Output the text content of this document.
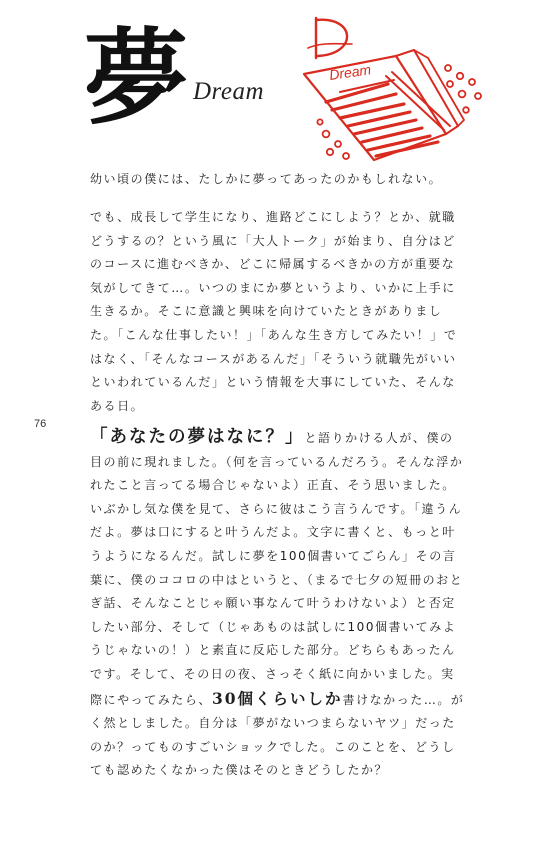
夢 Dream
Dream
76

幼い頃の僕には、たしかに夢ってあったのかもしれない。

でも、成長して学生になり、進路どこにしよう？とか、就職どうするの？という風に「大人トーク」が始まり、自分はどのコースに進むべきか、どこに帰属するべきかの方が重要な気がしてきて…。いつのまにか夢というより、いかに上手に生きるか。そこに意識と興味を向けていたときがありました。「こんな仕事したい！」「あんな生き方してみたい！」ではなく、「そんなコースがあるんだ」「そういう就職先がいいといわれているんだ」という情報を大事にしていた、そんなある日。

「あなたの夢はなに？」と語りかける人が、僕の目の前に現れました。（何を言っているんだろう。そんな浮かれたこと言ってる場合じゃないよ）正直、そう思いました。いぶかし気な僕を見て、さらに彼はこう言うんです。「違うんだよ。夢は口にすると叶うんだよ。文字に書くと、もっと叶うようになるんだ。試しに夢を100個書いてごらん」その言葉に、僕のココロの中はというと、（まるで七夕の短冊のおとぎ話、そんなことじゃ願い事なんて叶うわけないよ）と否定したい部分、そして（じゃあものは試しに100個書いてみようじゃないの！）と素直に反応した部分。どちらもあったんです。そして、その日の夜、さっそく紙に向かいました。実際にやってみたら、30個くらいしか書けなかった…。がく然としました。自分は「夢がないつまらないヤツ」だったのか？ってものすごいショックでした。このことを、どうしても認めたくなかった僕はそのときどうしたか？
